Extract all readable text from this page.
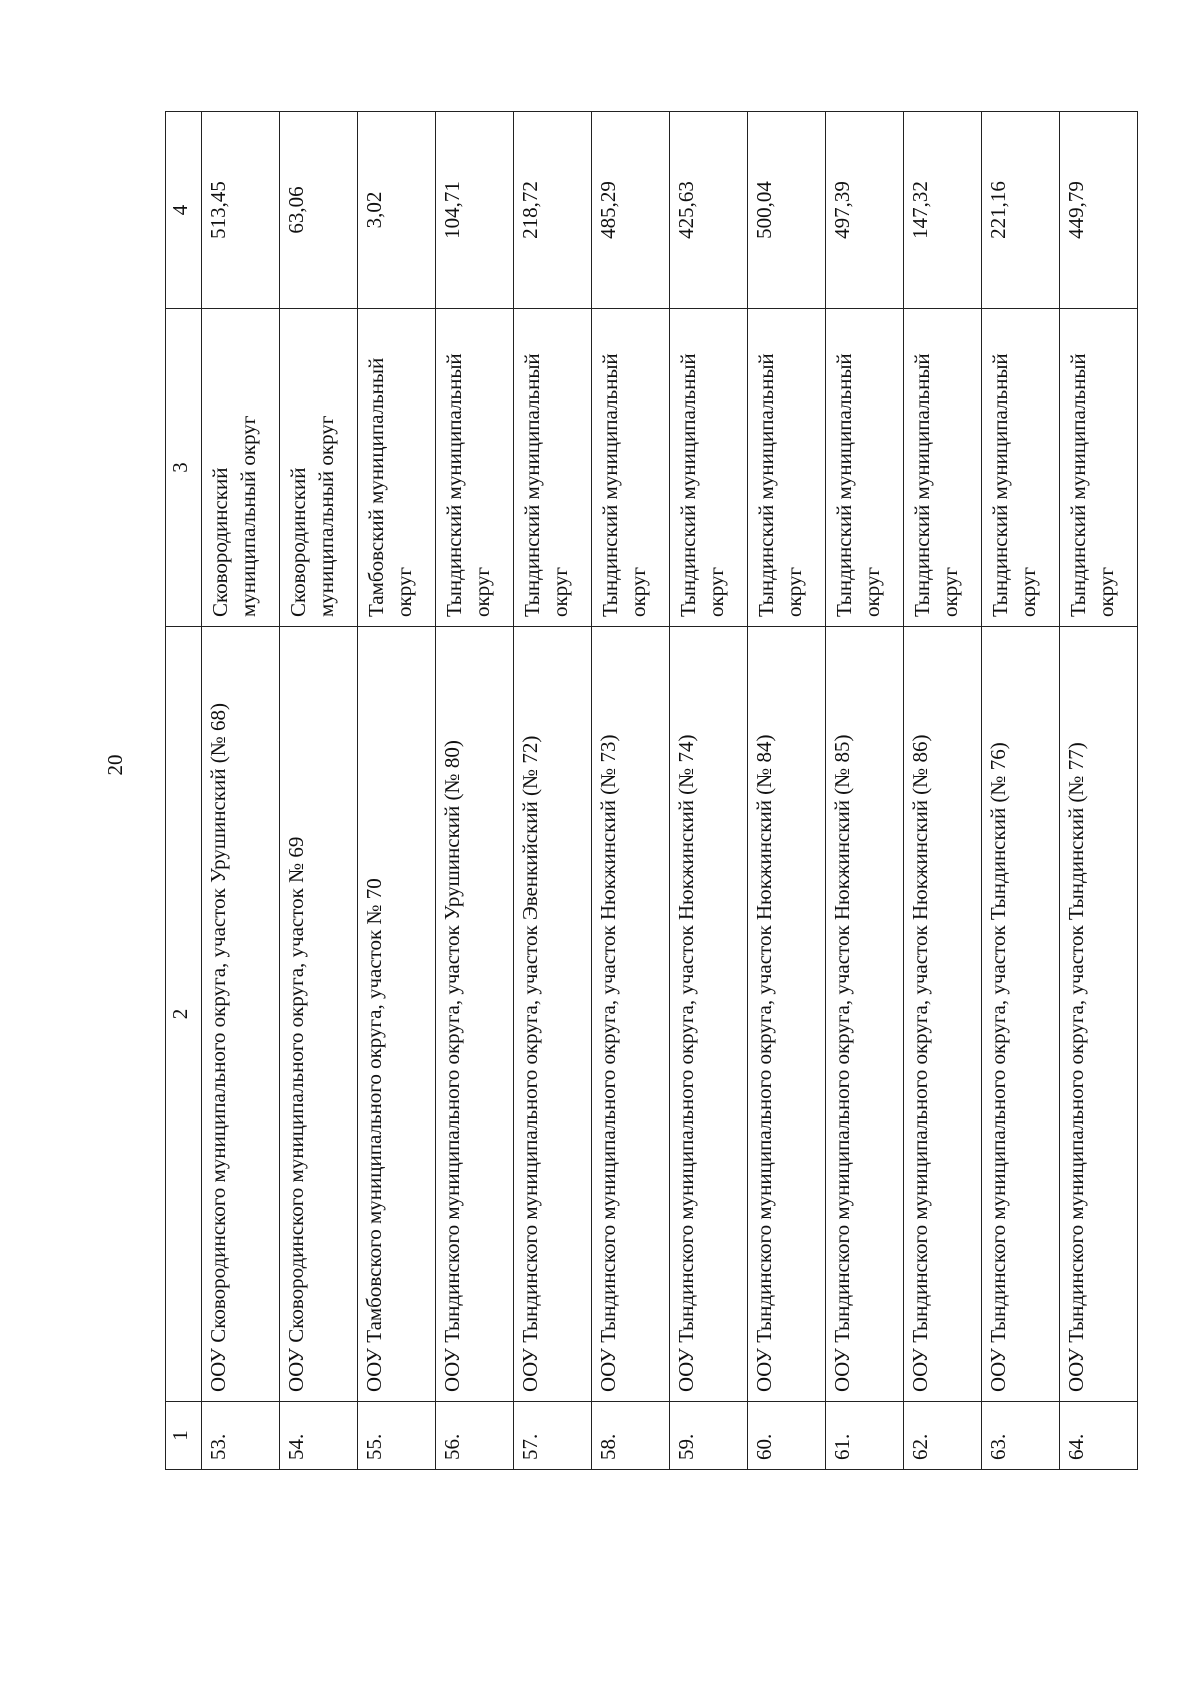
20
1	2	3	4
53.	ООУ Сковородинского муниципального округа, участок Урушинский (№ 68)	Сковородинский муниципальный округ	513,45
54.	ООУ Сковородинского муниципального округа, участок № 69	Сковородинский муниципальный округ	63,06
55.	ООУ Тамбовского муниципального округа, участок № 70	Тамбовский муниципальный округ	3,02
56.	ООУ Тындинского муниципального округа, участок Урушинский (№ 80)	Тындинский муниципальный округ	104,71
57.	ООУ Тындинского муниципального округа, участок Эвенкийский (№ 72)	Тындинский муниципальный округ	218,72
58.	ООУ Тындинского муниципального округа, участок Нюкжинский (№ 73)	Тындинский муниципальный округ	485,29
59.	ООУ Тындинского муниципального округа, участок Нюкжинский (№ 74)	Тындинский муниципальный округ	425,63
60.	ООУ Тындинского муниципального округа, участок Нюкжинский (№ 84)	Тындинский муниципальный округ	500,04
61.	ООУ Тындинского муниципального округа, участок Нюкжинский (№ 85)	Тындинский муниципальный округ	497,39
62.	ООУ Тындинского муниципального округа, участок Нюкжинский (№ 86)	Тындинский муниципальный округ	147,32
63.	ООУ Тындинского муниципального округа, участок Тындинский (№ 76)	Тындинский муниципальный округ	221,16
64.	ООУ Тындинского муниципального округа, участок Тындинский (№ 77)	Тындинский муниципальный округ	449,79
